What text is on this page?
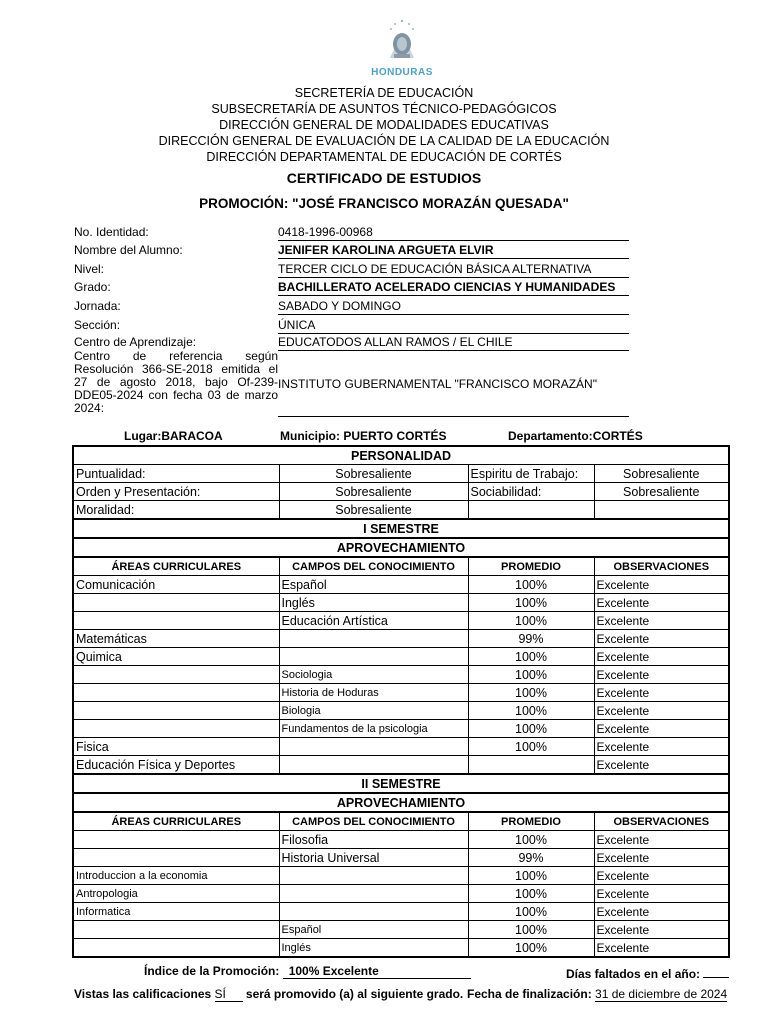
HONDURAS
SECRETERÍA DE EDUCACIÓN
SUBSECRETARÍA DE ASUNTOS TÉCNICO-PEDAGÓGICOS
DIRECCIÓN GENERAL DE MODALIDADES EDUCATIVAS
DIRECCIÓN GENERAL DE EVALUACIÓN DE LA CALIDAD DE LA EDUCACIÓN
DIRECCIÓN DEPARTAMENTAL DE EDUCACIÓN DE CORTÉS
CERTIFICADO DE ESTUDIOS
PROMOCIÓN: "JOSÉ FRANCISCO MORAZÁN QUESADA"
No. Identidad:	0418-1996-00968
Nombre del Alumno:	JENIFER KAROLINA ARGUETA ELVIR
Nivel:	TERCER CICLO DE EDUCACIÓN BÁSICA ALTERNATIVA
Grado:	BACHILLERATO ACELERADO CIENCIAS Y HUMANIDADES
Jornada:	SABADO Y DOMINGO
Sección:	ÚNICA
Centro de Aprendizaje:	EDUCATODOS ALLAN RAMOS / EL CHILE
Centro de referencia según Resolución 366-SE-2018 emitida el 27 de agosto 2018, bajo Of-239-DDE05-2024 con fecha 03 de marzo 2024:
INSTITUTO GUBERNAMENTAL "FRANCISCO MORAZÁN"
Lugar:BARACOA	Municipio: PUERTO CORTÉS	Departamento:CORTÉS
PERSONALIDAD			
Puntualidad:	Sobresaliente	Espiritu de Trabajo:	Sobresaliente
Orden y Presentación:	Sobresaliente	Sociabilidad:	Sobresaliente
Moralidad:	Sobresaliente		
I SEMESTRE			
APROVECHAMIENTO			
ÁREAS CURRICULARES	CAMPOS DEL CONOCIMIENTO	PROMEDIO	OBSERVACIONES
Comunicación	Español	100%	Excelente
	Inglés	100%	Excelente
	Educación Artística	100%	Excelente
Matemáticas		99%	Excelente
Quimica		100%	Excelente
	Sociologia	100%	Excelente
	Historia de Hoduras	100%	Excelente
	Biologia	100%	Excelente
	Fundamentos de la psicologia	100%	Excelente
Fisica		100%	Excelente
Educación Física y Deportes			Excelente
II SEMESTRE			
APROVECHAMIENTO			
ÁREAS CURRICULARES	CAMPOS DEL CONOCIMIENTO	PROMEDIO	OBSERVACIONES
	Filosofia	100%	Excelente
	Historia Universal	99%	Excelente
Introduccion a la economia		100%	Excelente
Antropologia		100%	Excelente
Informatica		100%	Excelente
	Español	100%	Excelente
	Inglés	100%	Excelente
Índice de la Promoción: 100% Excelente	Días faltados en el año:
Vistas las calificaciones SÍ será promovido (a) al siguiente grado. Fecha de finalización: 31 de diciembre de 2024
